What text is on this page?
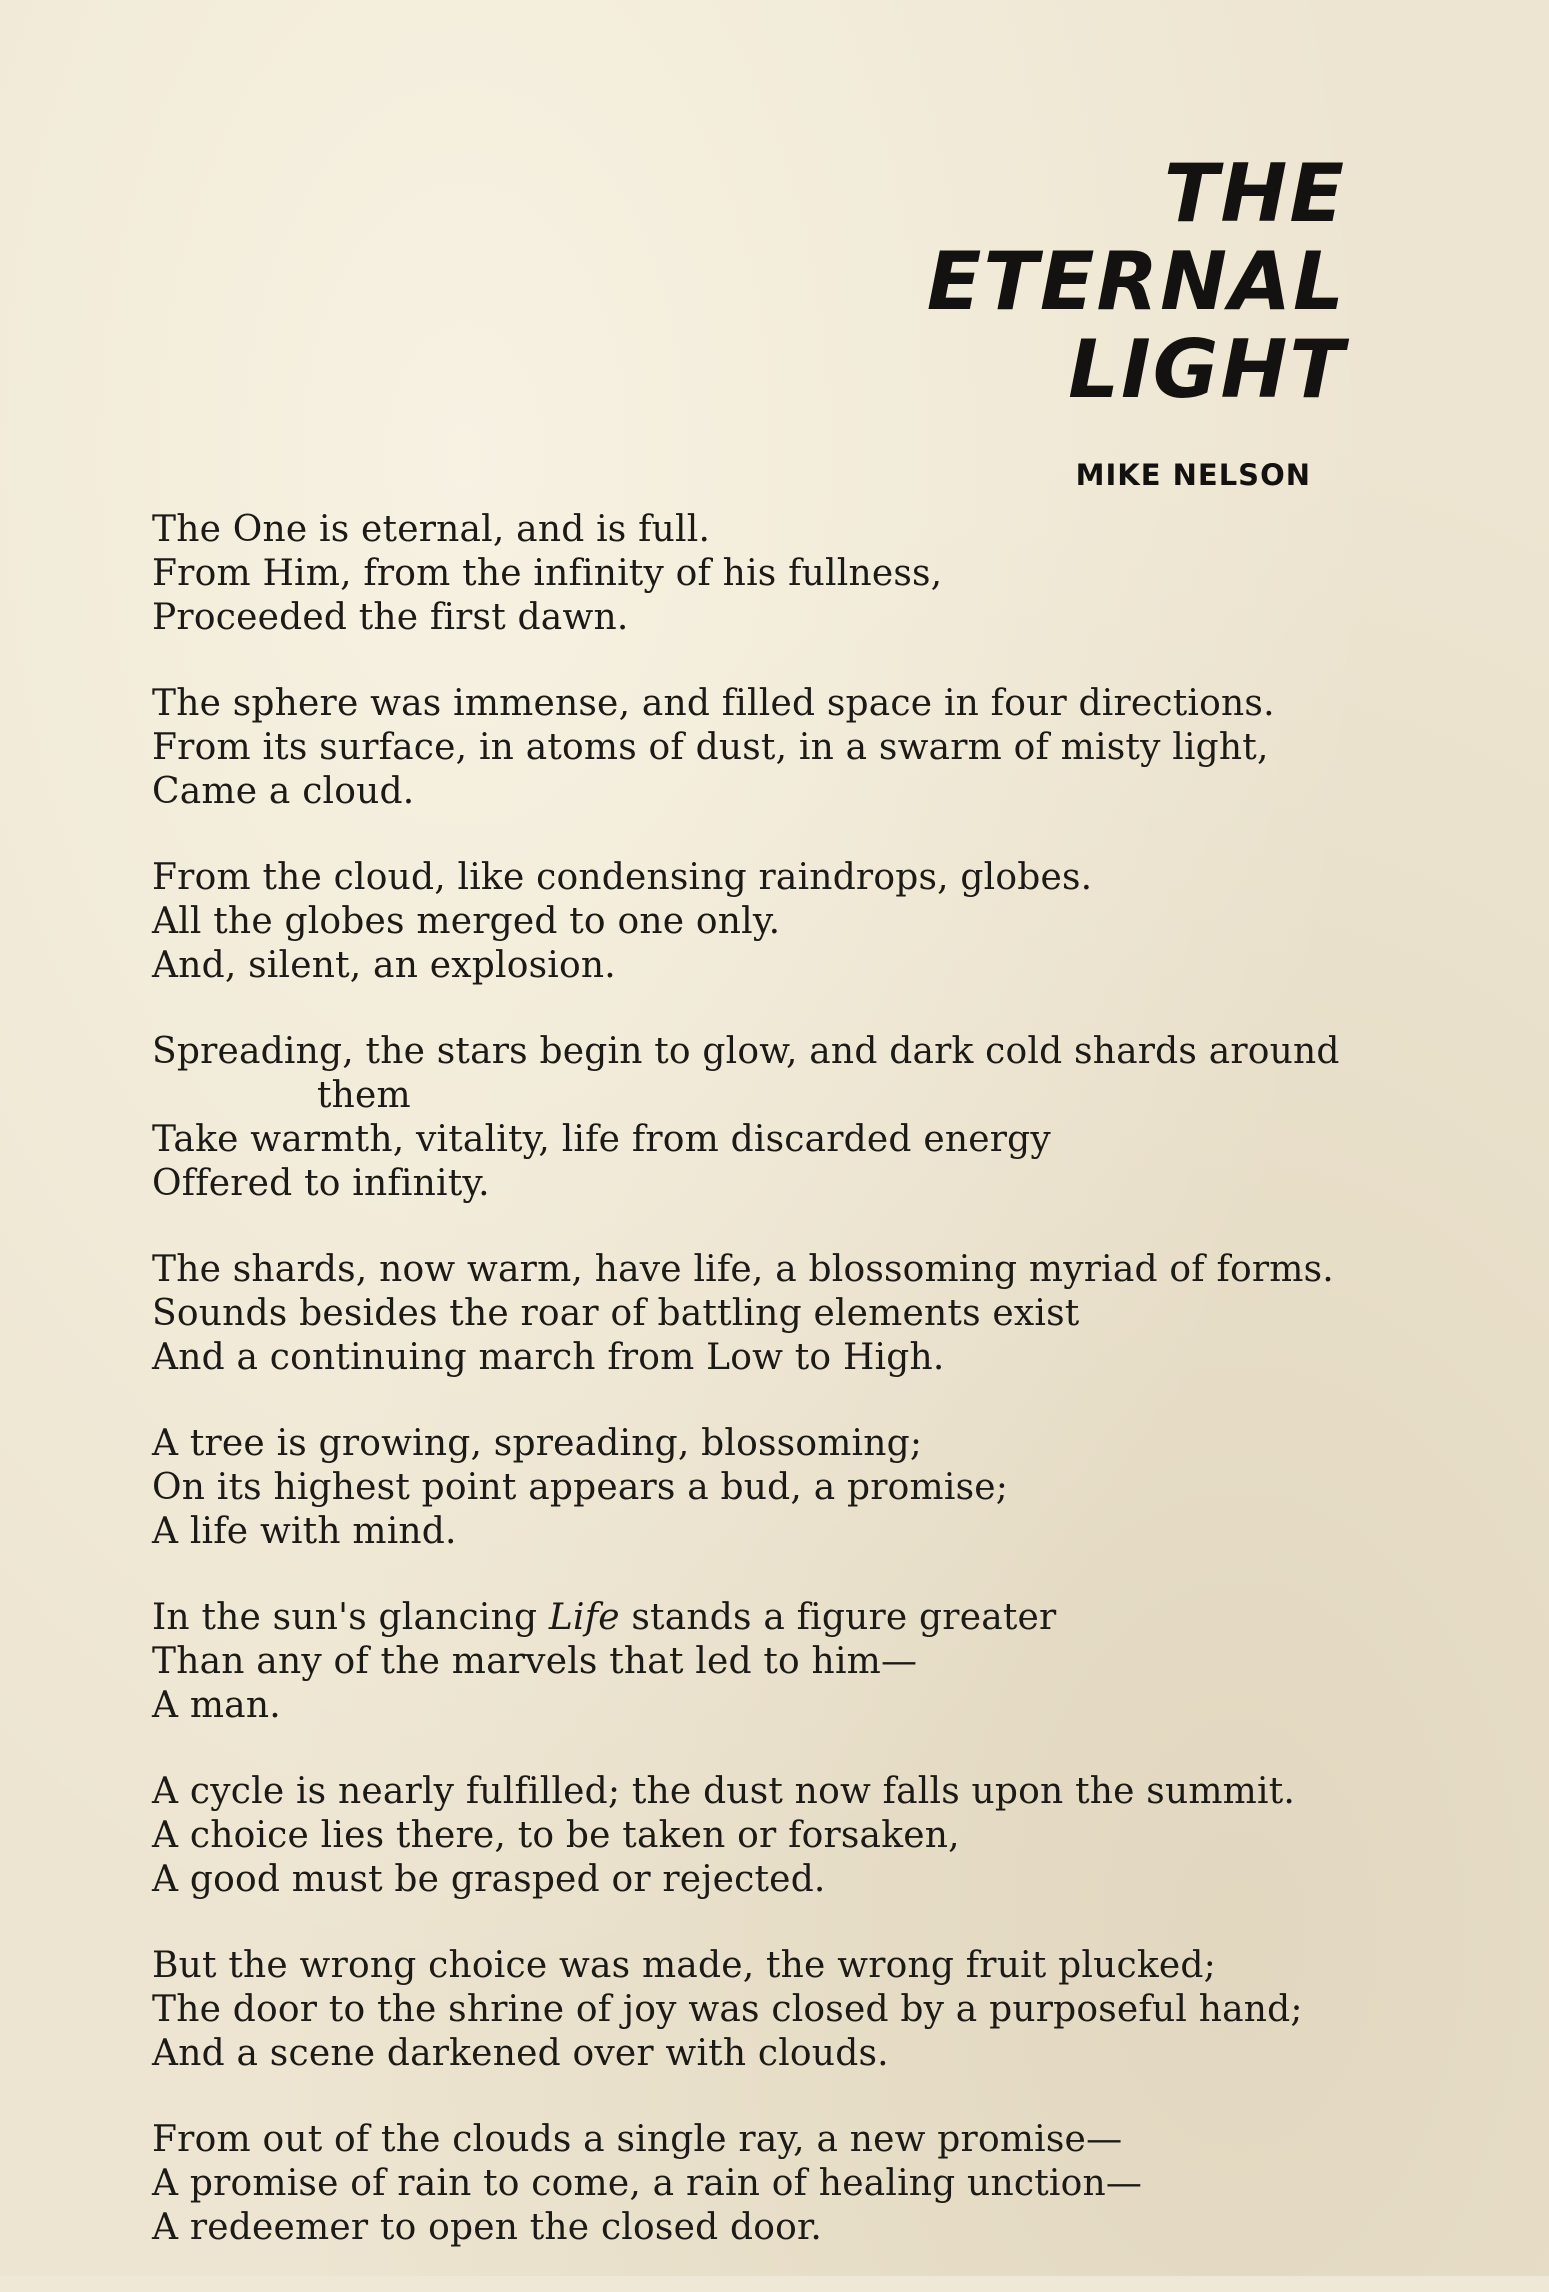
THE
ETERNAL
LIGHT
MIKE NELSON
The One is eternal, and is full.
From Him, from the infinity of his fullness,
Proceeded the first dawn.
The sphere was immense, and filled space in four directions.
From its surface, in atoms of dust, in a swarm of misty light,
Came a cloud.
From the cloud, like condensing raindrops, globes.
All the globes merged to one only.
And, silent, an explosion.
Spreading, the stars begin to glow, and dark cold shards around
them
Take warmth, vitality, life from discarded energy
Offered to infinity.
The shards, now warm, have life, a blossoming myriad of forms.
Sounds besides the roar of battling elements exist
And a continuing march from Low to High.
A tree is growing, spreading, blossoming;
On its highest point appears a bud, a promise;
A life with mind.
In the sun's glancing Life stands a figure greater
Than any of the marvels that led to him—
A man.
A cycle is nearly fulfilled; the dust now falls upon the summit.
A choice lies there, to be taken or forsaken,
A good must be grasped or rejected.
But the wrong choice was made, the wrong fruit plucked;
The door to the shrine of joy was closed by a purposeful hand;
And a scene darkened over with clouds.
From out of the clouds a single ray, a new promise—
A promise of rain to come, a rain of healing unction—
A redeemer to open the closed door.
